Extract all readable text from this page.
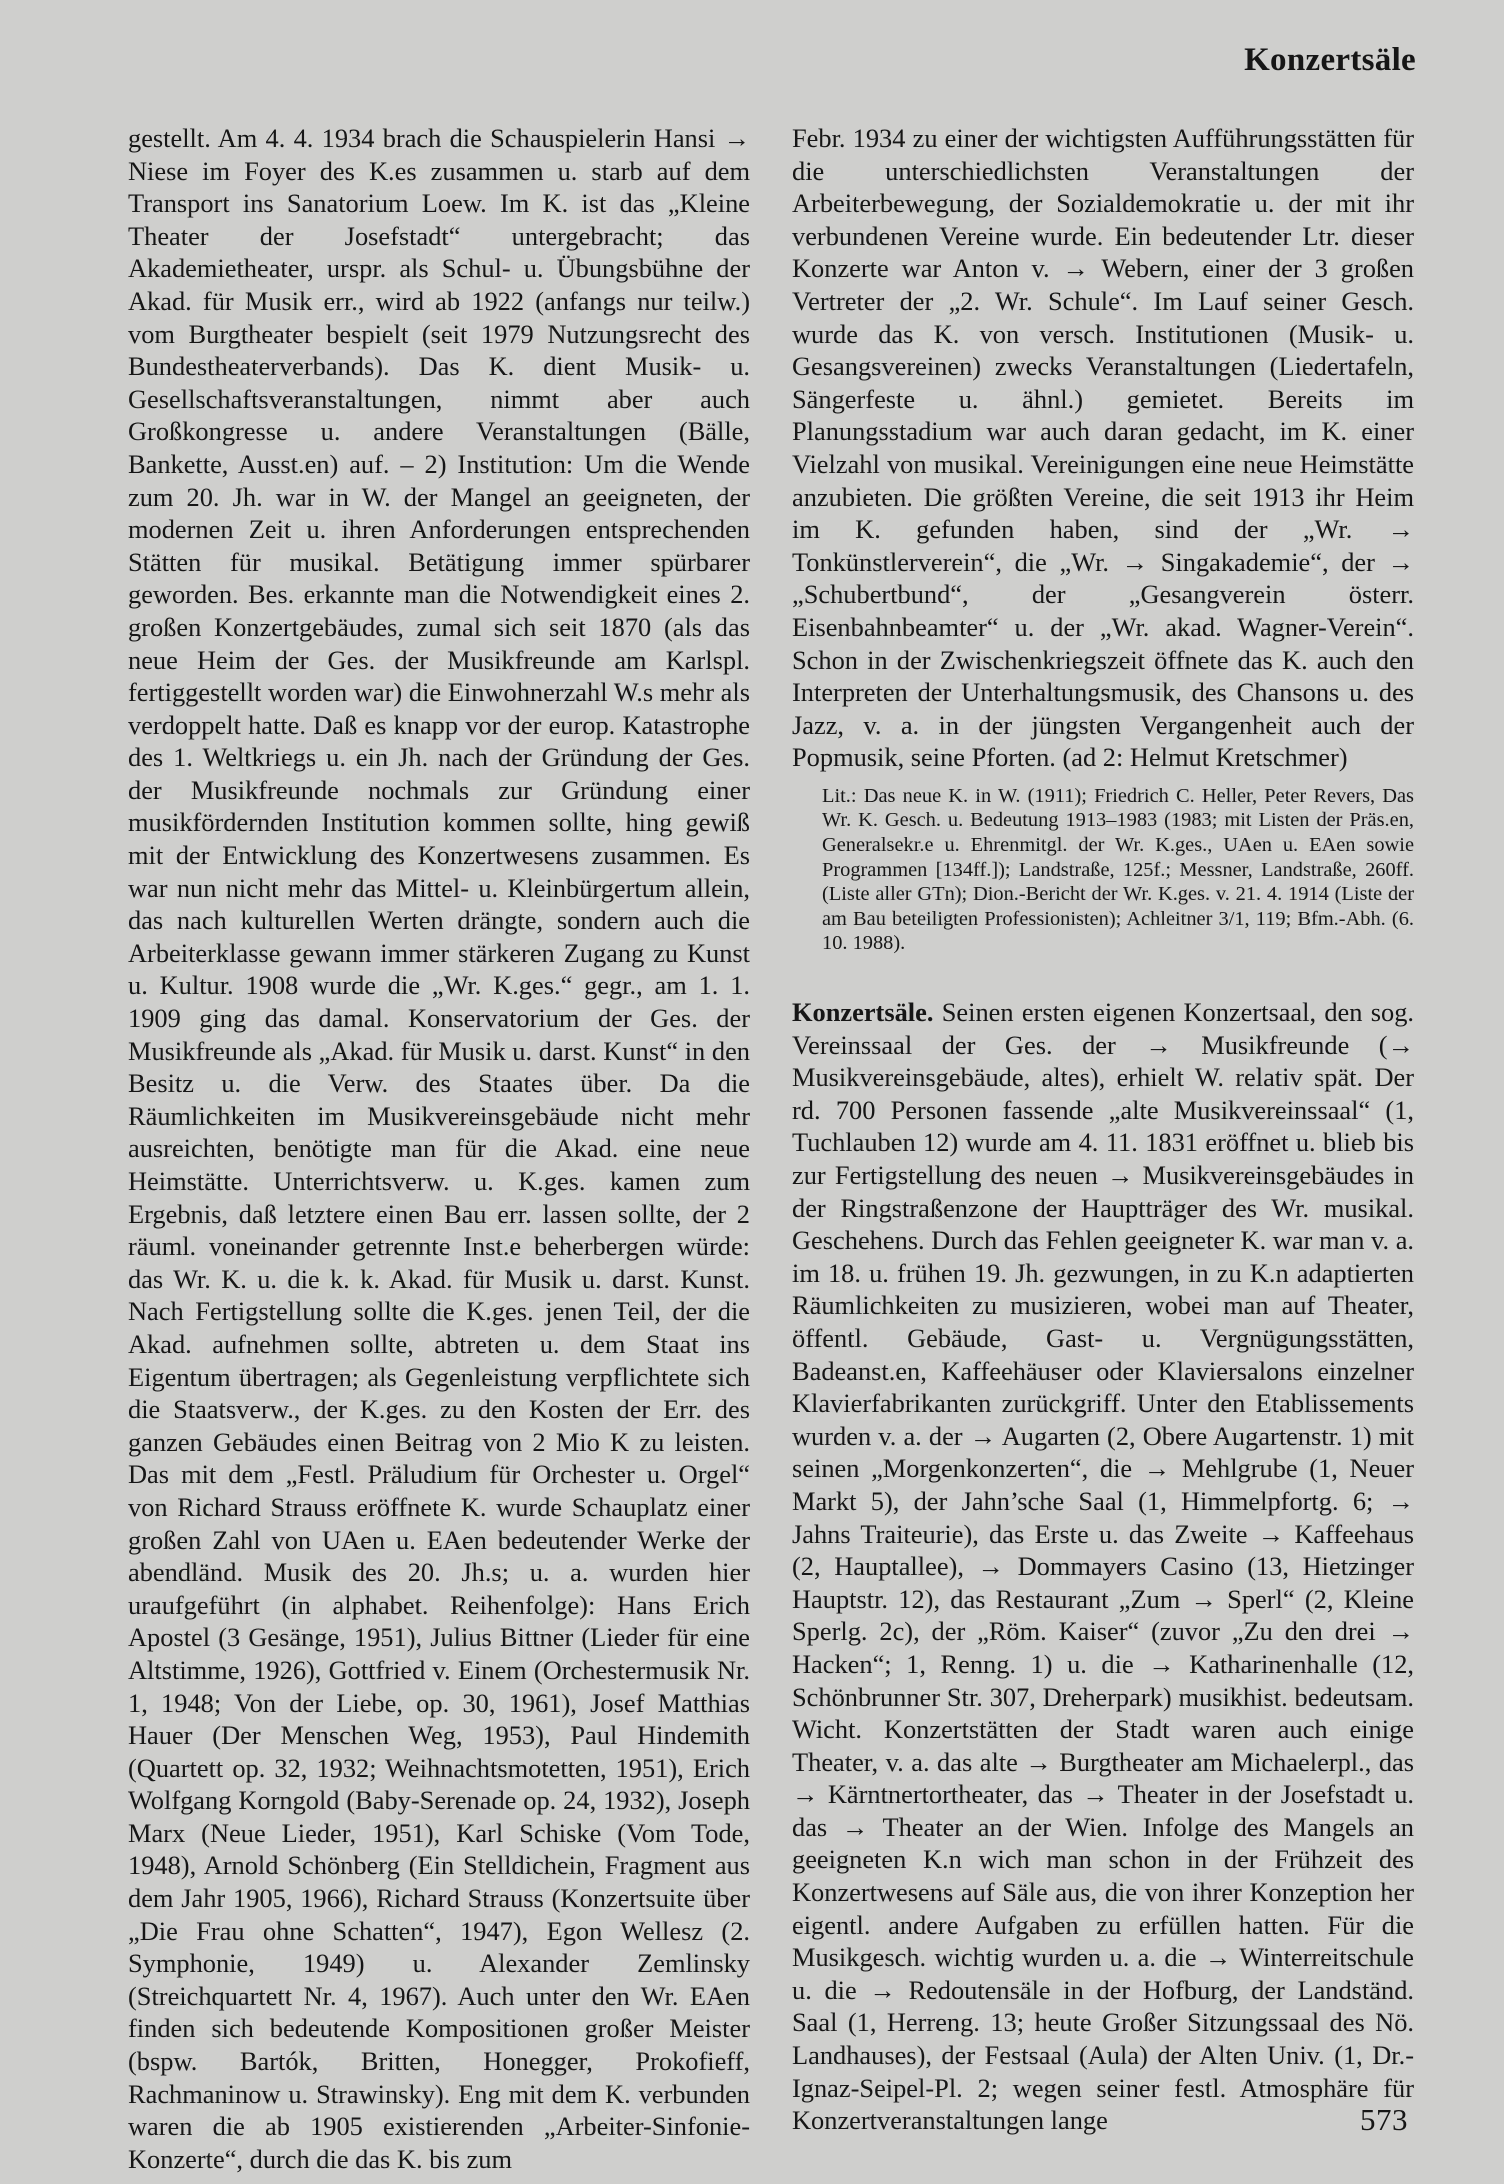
Konzertsäle

gestellt. Am 4. 4. 1934 brach die Schauspielerin Hansi → Niese im Foyer des K.es zusammen u. starb auf dem Transport ins Sanatorium Loew. Im K. ist das „Kleine Theater der Josefstadt“ untergebracht; das Akademietheater, urspr. als Schul- u. Übungsbühne der Akad. für Musik err., wird ab 1922 (anfangs nur teilw.) vom Burgtheater bespielt (seit 1979 Nutzungsrecht des Bundestheaterverbands). Das K. dient Musik- u. Gesellschaftsveranstaltungen, nimmt aber auch Großkongresse u. andere Veranstaltungen (Bälle, Bankette, Ausst.en) auf. – 2) Institution: Um die Wende zum 20. Jh. war in W. der Mangel an geeigneten, der modernen Zeit u. ihren Anforderungen entsprechenden Stätten für musikal. Betätigung immer spürbarer geworden. Bes. erkannte man die Notwendigkeit eines 2. großen Konzertgebäudes, zumal sich seit 1870 (als das neue Heim der Ges. der Musikfreunde am Karlspl. fertiggestellt worden war) die Einwohnerzahl W.s mehr als verdoppelt hatte. Daß es knapp vor der europ. Katastrophe des 1. Weltkriegs u. ein Jh. nach der Gründung der Ges. der Musikfreunde nochmals zur Gründung einer musikfördernden Institution kommen sollte, hing gewiß mit der Entwicklung des Konzertwesens zusammen. Es war nun nicht mehr das Mittel- u. Kleinbürgertum allein, das nach kulturellen Werten drängte, sondern auch die Arbeiterklasse gewann immer stärkeren Zugang zu Kunst u. Kultur. 1908 wurde die „Wr. K.ges.“ gegr., am 1. 1. 1909 ging das damal. Konservatorium der Ges. der Musikfreunde als „Akad. für Musik u. darst. Kunst“ in den Besitz u. die Verw. des Staates über. Da die Räumlichkeiten im Musikvereinsgebäude nicht mehr ausreichten, benötigte man für die Akad. eine neue Heimstätte. Unterrichtsverw. u. K.ges. kamen zum Ergebnis, daß letztere einen Bau err. lassen sollte, der 2 räuml. voneinander getrennte Inst.e beherbergen würde: das Wr. K. u. die k. k. Akad. für Musik u. darst. Kunst. Nach Fertigstellung sollte die K.ges. jenen Teil, der die Akad. aufnehmen sollte, abtreten u. dem Staat ins Eigentum übertragen; als Gegenleistung verpflichtete sich die Staatsverw., der K.ges. zu den Kosten der Err. des ganzen Gebäudes einen Beitrag von 2 Mio K zu leisten. Das mit dem „Festl. Präludium für Orchester u. Orgel“ von Richard Strauss eröffnete K. wurde Schauplatz einer großen Zahl von UAen u. EAen bedeutender Werke der abendländ. Musik des 20. Jh.s; u. a. wurden hier uraufgeführt (in alphabet. Reihenfolge): Hans Erich Apostel (3 Gesänge, 1951), Julius Bittner (Lieder für eine Altstimme, 1926), Gottfried v. Einem (Orchestermusik Nr. 1, 1948; Von der Liebe, op. 30, 1961), Josef Matthias Hauer (Der Menschen Weg, 1953), Paul Hindemith (Quartett op. 32, 1932; Weihnachtsmotetten, 1951), Erich Wolfgang Korngold (Baby-Serenade op. 24, 1932), Joseph Marx (Neue Lieder, 1951), Karl Schiske (Vom Tode, 1948), Arnold Schönberg (Ein Stelldichein, Fragment aus dem Jahr 1905, 1966), Richard Strauss (Konzertsuite über „Die Frau ohne Schatten“, 1947), Egon Wellesz (2. Symphonie, 1949) u. Alexander Zemlinsky (Streichquartett Nr. 4, 1967). Auch unter den Wr. EAen finden sich bedeutende Kompositionen großer Meister (bspw. Bartók, Britten, Honegger, Prokofieff, Rachmaninow u. Strawinsky). Eng mit dem K. verbunden waren die ab 1905 existierenden „Arbeiter-Sinfonie-Konzerte“, durch die das K. bis zum

Febr. 1934 zu einer der wichtigsten Aufführungsstätten für die unterschiedlichsten Veranstaltungen der Arbeiterbewegung, der Sozialdemokratie u. der mit ihr verbundenen Vereine wurde. Ein bedeutender Ltr. dieser Konzerte war Anton v. → Webern, einer der 3 großen Vertreter der „2. Wr. Schule“. Im Lauf seiner Gesch. wurde das K. von versch. Institutionen (Musik- u. Gesangsvereinen) zwecks Veranstaltungen (Liedertafeln, Sängerfeste u. ähnl.) gemietet. Bereits im Planungsstadium war auch daran gedacht, im K. einer Vielzahl von musikal. Vereinigungen eine neue Heimstätte anzubieten. Die größten Vereine, die seit 1913 ihr Heim im K. gefunden haben, sind der „Wr. → Tonkünstlerverein“, die „Wr. → Singakademie“, der → „Schubertbund“, der „Gesangverein österr. Eisenbahnbeamter“ u. der „Wr. akad. Wagner-Verein“. Schon in der Zwischenkriegszeit öffnete das K. auch den Interpreten der Unterhaltungsmusik, des Chansons u. des Jazz, v. a. in der jüngsten Vergangenheit auch der Popmusik, seine Pforten. (ad 2: Helmut Kretschmer)

Lit.: Das neue K. in W. (1911); Friedrich C. Heller, Peter Revers, Das Wr. K. Gesch. u. Bedeutung 1913–1983 (1983; mit Listen der Präs.en, Generalsekr.e u. Ehrenmitgl. der Wr. K.ges., UAen u. EAen sowie Programmen [134ff.]); Landstraße, 125f.; Messner, Landstraße, 260ff. (Liste aller GTn); Dion.-Bericht der Wr. K.ges. v. 21. 4. 1914 (Liste der am Bau beteiligten Professionisten); Achleitner 3/1, 119; Bfm.-Abh. (6. 10. 1988).

Konzertsäle. Seinen ersten eigenen Konzertsaal, den sog. Vereinssaal der Ges. der → Musikfreunde (→ Musikvereinsgebäude, altes), erhielt W. relativ spät. Der rd. 700 Personen fassende „alte Musikvereinssaal“ (1, Tuchlauben 12) wurde am 4. 11. 1831 eröffnet u. blieb bis zur Fertigstellung des neuen → Musikvereinsgebäudes in der Ringstraßenzone der Hauptträger des Wr. musikal. Geschehens. Durch das Fehlen geeigneter K. war man v. a. im 18. u. frühen 19. Jh. gezwungen, in zu K.n adaptierten Räumlichkeiten zu musizieren, wobei man auf Theater, öffentl. Gebäude, Gast- u. Vergnügungsstätten, Badeanst.en, Kaffeehäuser oder Klaviersalons einzelner Klavierfabrikanten zurückgriff. Unter den Etablissements wurden v. a. der → Augarten (2, Obere Augartenstr. 1) mit seinen „Morgenkonzerten“, die → Mehlgrube (1, Neuer Markt 5), der Jahn’sche Saal (1, Himmelpfortg. 6; → Jahns Traiteurie), das Erste u. das Zweite → Kaffeehaus (2, Hauptallee), → Dommayers Casino (13, Hietzinger Hauptstr. 12), das Restaurant „Zum → Sperl“ (2, Kleine Sperlg. 2c), der „Röm. Kaiser“ (zuvor „Zu den drei → Hacken“; 1, Renng. 1) u. die → Katharinenhalle (12, Schönbrunner Str. 307, Dreherpark) musikhist. bedeutsam. Wicht. Konzertstätten der Stadt waren auch einige Theater, v. a. das alte → Burgtheater am Michaelerpl., das → Kärntnertortheater, das → Theater in der Josefstadt u. das → Theater an der Wien. Infolge des Mangels an geeigneten K.n wich man schon in der Frühzeit des Konzertwesens auf Säle aus, die von ihrer Konzeption her eigentl. andere Aufgaben zu erfüllen hatten. Für die Musikgesch. wichtig wurden u. a. die → Winterreitschule u. die → Redoutensäle in der Hofburg, der Landständ. Saal (1, Herreng. 13; heute Großer Sitzungssaal des Nö. Landhauses), der Festsaal (Aula) der Alten Univ. (1, Dr.-Ignaz-Seipel-Pl. 2; wegen seiner festl. Atmosphäre für Konzertveranstaltungen lange	573
